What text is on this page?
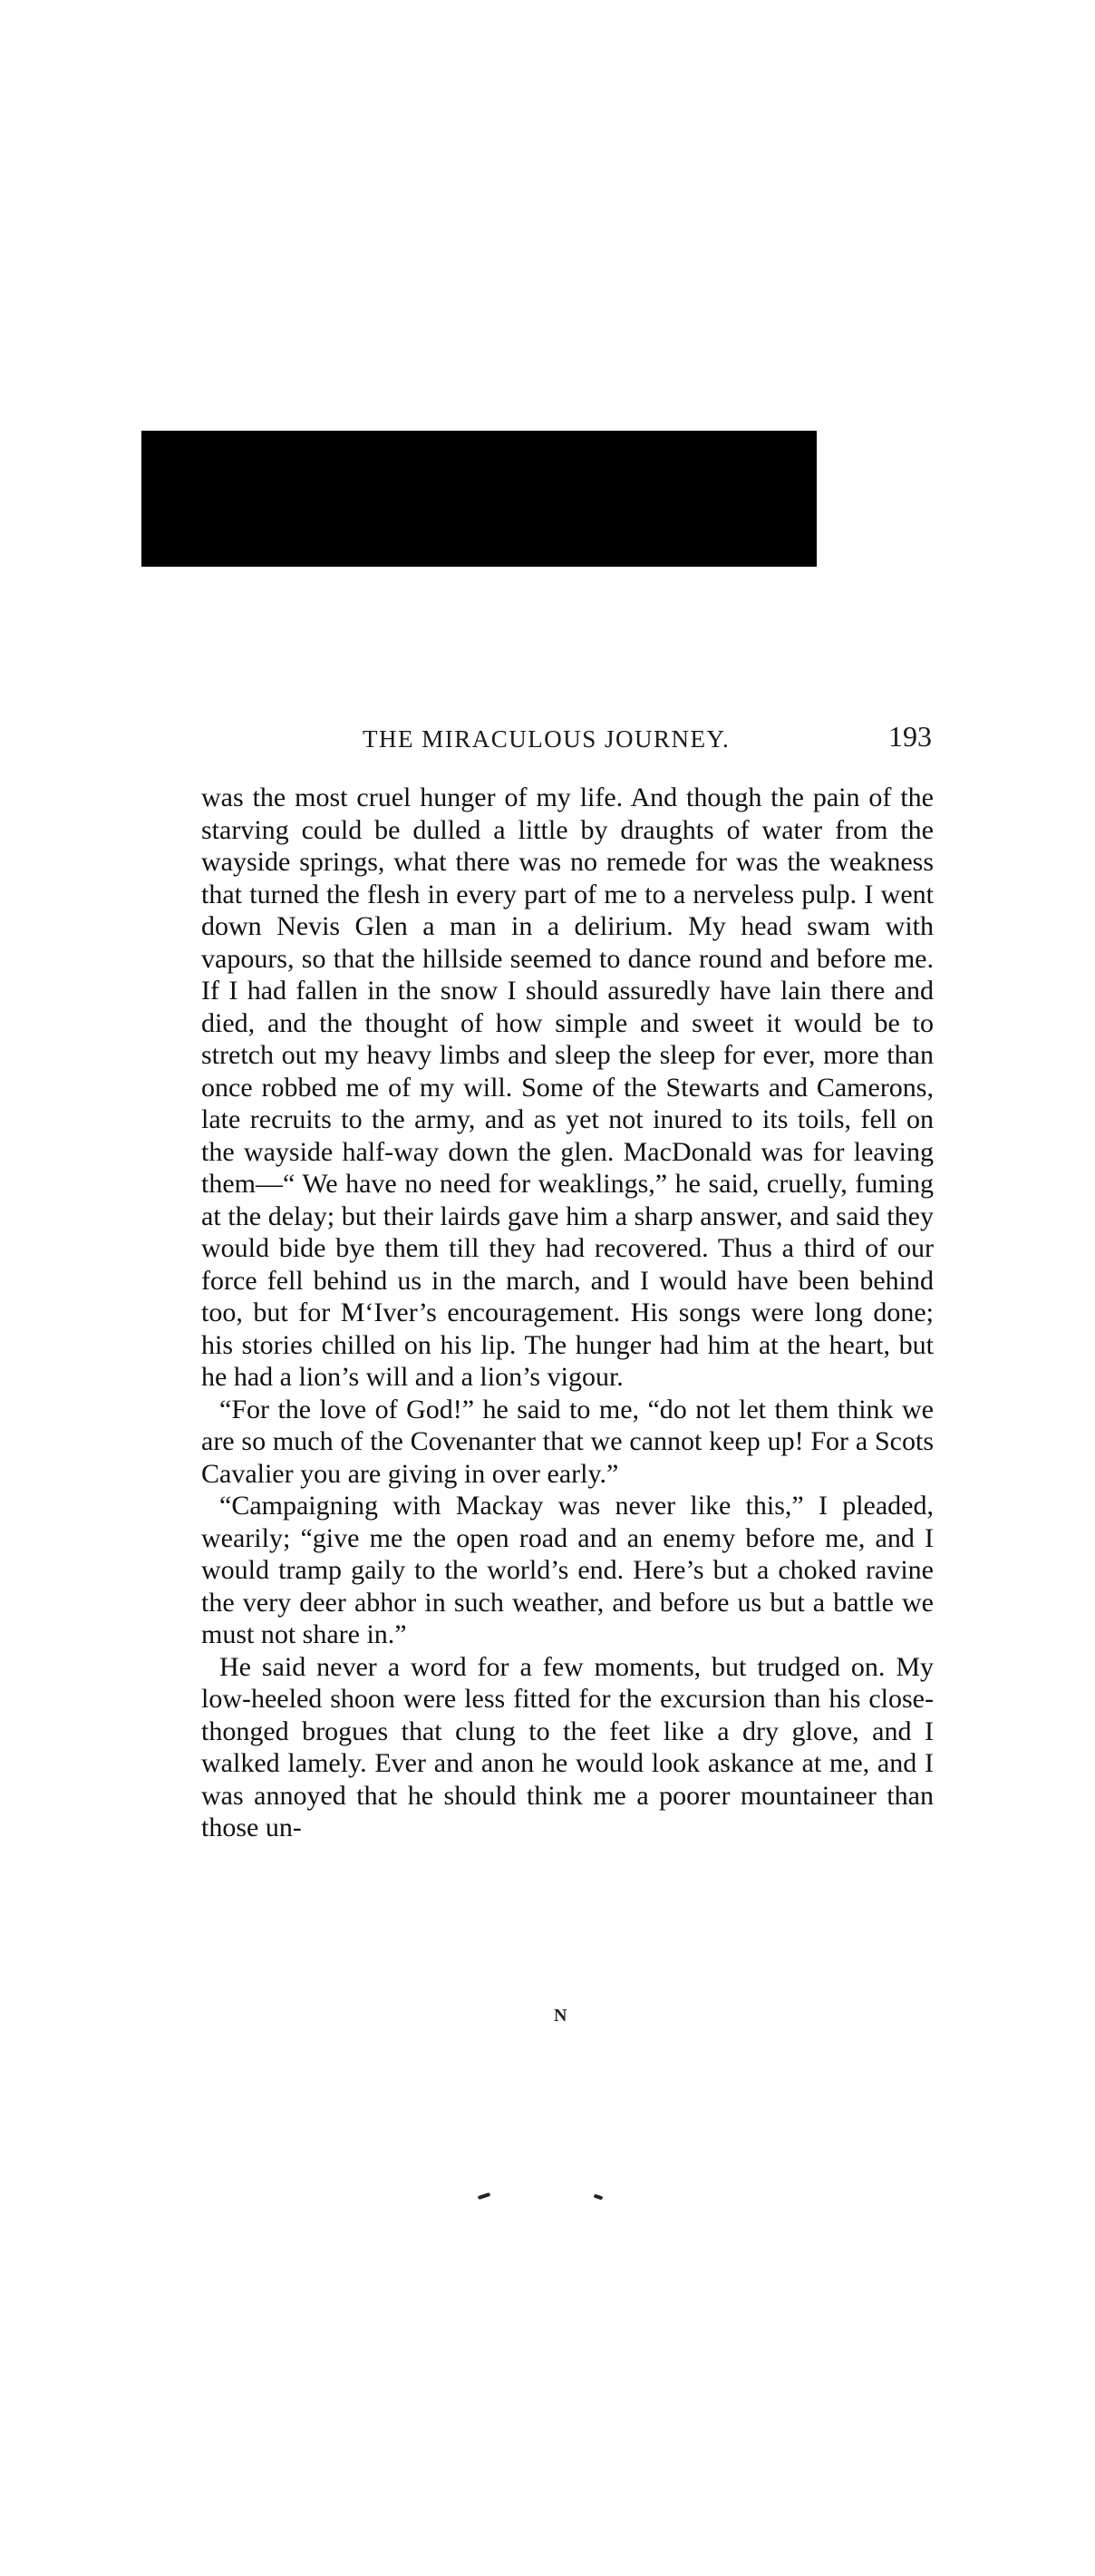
THE MIRACULOUS JOURNEY.	193

was the most cruel hunger of my life. And though the pain of the starving could be dulled a little by draughts of water from the wayside springs, what there was no remede for was the weakness that turned the flesh in every part of me to a nerveless pulp. I went down Nevis Glen a man in a delirium. My head swam with vapours, so that the hillside seemed to dance round and before me. If I had fallen in the snow I should assuredly have lain there and died, and the thought of how simple and sweet it would be to stretch out my heavy limbs and sleep the sleep for ever, more than once robbed me of my will. Some of the Stewarts and Camerons, late recruits to the army, and as yet not inured to its toils, fell on the wayside half-way down the glen. MacDonald was for leaving them—“ We have no need for weaklings,” he said, cruelly, fuming at the delay; but their lairds gave him a sharp answer, and said they would bide bye them till they had recovered. Thus a third of our force fell behind us in the march, and I would have been behind too, but for M‘Iver’s encouragement. His songs were long done; his stories chilled on his lip. The hunger had him at the heart, but he had a lion’s will and a lion’s vigour.

“For the love of God!” he said to me, “do not let them think we are so much of the Covenanter that we cannot keep up! For a Scots Cavalier you are giving in over early.”

“Campaigning with Mackay was never like this,” I pleaded, wearily; “give me the open road and an enemy before me, and I would tramp gaily to the world’s end. Here’s but a choked ravine the very deer abhor in such weather, and before us but a battle we must not share in.”

He said never a word for a few moments, but trudged on. My low-heeled shoon were less fitted for the excursion than his close-thonged brogues that clung to the feet like a dry glove, and I walked lamely. Ever and anon he would look askance at me, and I was annoyed that he should think me a poorer mountaineer than those un-

N
